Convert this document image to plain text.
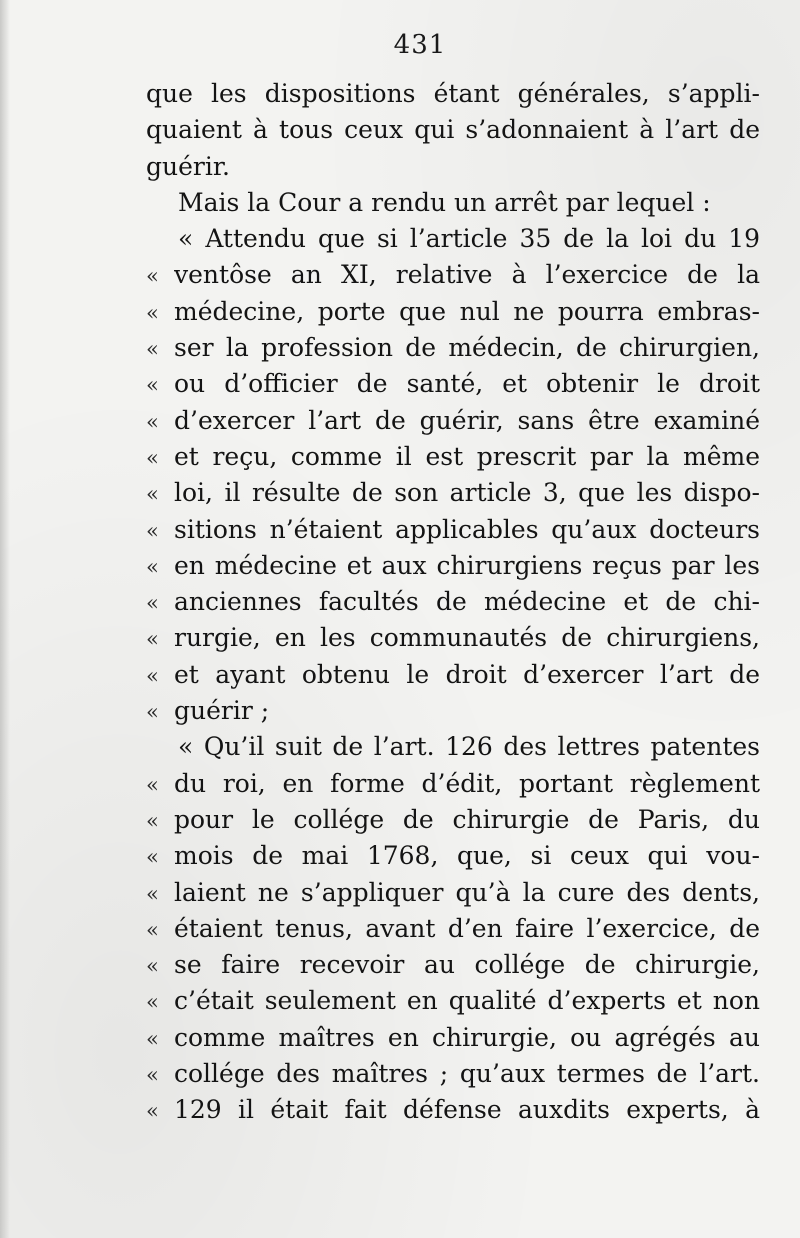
431
que les dispositions étant générales, s’appli-
quaient à tous ceux qui s’adonnaient à l’art de
guérir.
Mais la Cour a rendu un arrêt par lequel :
« Attendu que si l’article 35 de la loi du 19
« ventôse an XI, relative à l’exercice de la
« médecine, porte que nul ne pourra embras-
« ser la profession de médecin, de chirurgien,
« ou d’officier de santé, et obtenir le droit
« d’exercer l’art de guérir, sans être examiné
« et reçu, comme il est prescrit par la même
« loi, il résulte de son article 3, que les dispo-
« sitions n’étaient applicables qu’aux docteurs
« en médecine et aux chirurgiens reçus par les
« anciennes facultés de médecine et de chi-
« rurgie, en les communautés de chirurgiens,
« et ayant obtenu le droit d’exercer l’art de
« guérir ;
« Qu’il suit de l’art. 126 des lettres patentes
« du roi, en forme d’édit, portant règlement
« pour le collége de chirurgie de Paris, du
« mois de mai 1768, que, si ceux qui vou-
« laient ne s’appliquer qu’à la cure des dents,
« étaient tenus, avant d’en faire l’exercice, de
« se faire recevoir au collége de chirurgie,
« c’était seulement en qualité d’experts et non
« comme maîtres en chirurgie, ou agrégés au
« collége des maîtres ; qu’aux termes de l’art.
« 129 il était fait défense auxdits experts, à
